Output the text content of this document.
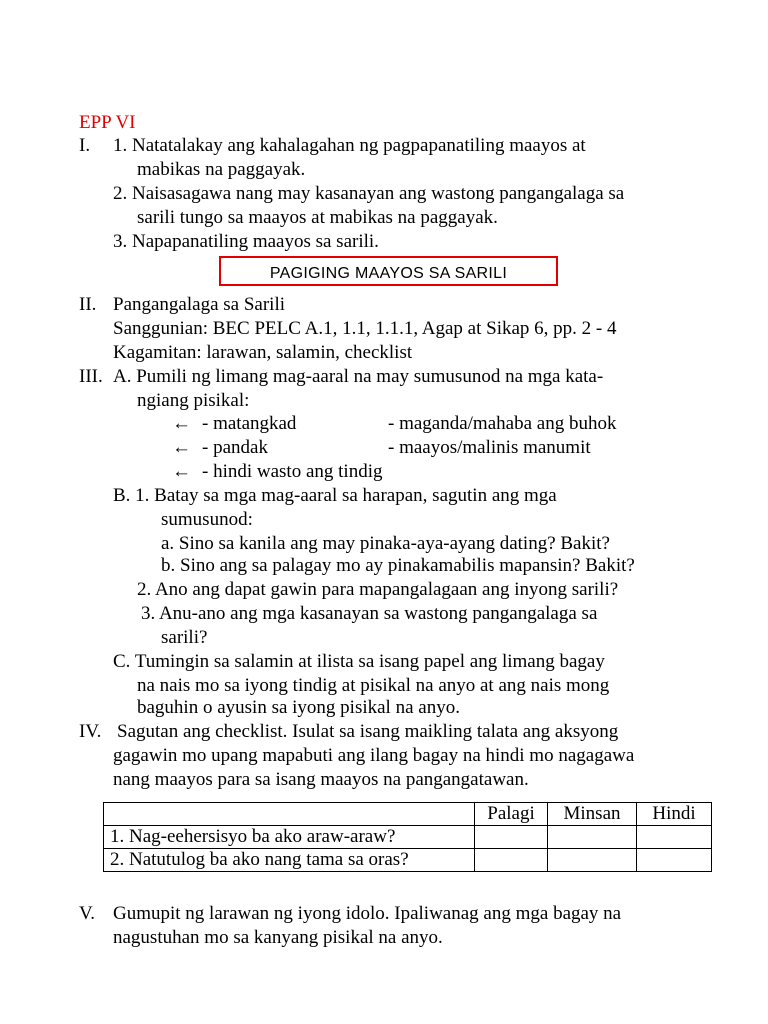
EPP VI
I. 1. Natatalakay ang kahalagahan ng pagpapanatiling maayos at
mabikas na paggayak.
2. Naisasagawa nang may kasanayan ang wastong pangangalaga sa
sarili tungo sa maayos at mabikas na paggayak.
3. Napapanatiling maayos sa sarili.
PAGIGING MAAYOS SA SARILI
II. Pangangalaga sa Sarili
Sanggunian: BEC PELC A.1, 1.1, 1.1.1, Agap at Sikap 6, pp. 2 - 4
Kagamitan: larawan, salamin, checklist
III. A. Pumili ng limang mag-aaral na may sumusunod na mga kata-
ngiang pisikal:
← - matangkad	- maganda/mahaba ang buhok
← - pandak	- maayos/malinis manumit
← - hindi wasto ang tindig
B. 1. Batay sa mga mag-aaral sa harapan, sagutin ang mga
sumusunod:
a. Sino sa kanila ang may pinaka-aya-ayang dating? Bakit?
b. Sino ang sa palagay mo ay pinakamabilis mapansin? Bakit?
2. Ano ang dapat gawin para mapangalagaan ang inyong sarili?
3. Anu-ano ang mga kasanayan sa wastong pangangalaga sa
sarili?
C. Tumingin sa salamin at ilista sa isang papel ang limang bagay
na nais mo sa iyong tindig at pisikal na anyo at ang nais mong
baguhin o ayusin sa iyong pisikal na anyo.
IV. Sagutan ang checklist. Isulat sa isang maikling talata ang aksyong
gagawin mo upang mapabuti ang ilang bagay na hindi mo nagagawa
nang maayos para sa isang maayos na pangangatawan.
	Palagi	Minsan	Hindi
1. Nag-eehersisyo ba ako araw-araw?			
2. Natutulog ba ako nang tama sa oras?			
V. Gumupit ng larawan ng iyong idolo. Ipaliwanag ang mga bagay na
nagustuhan mo sa kanyang pisikal na anyo.
